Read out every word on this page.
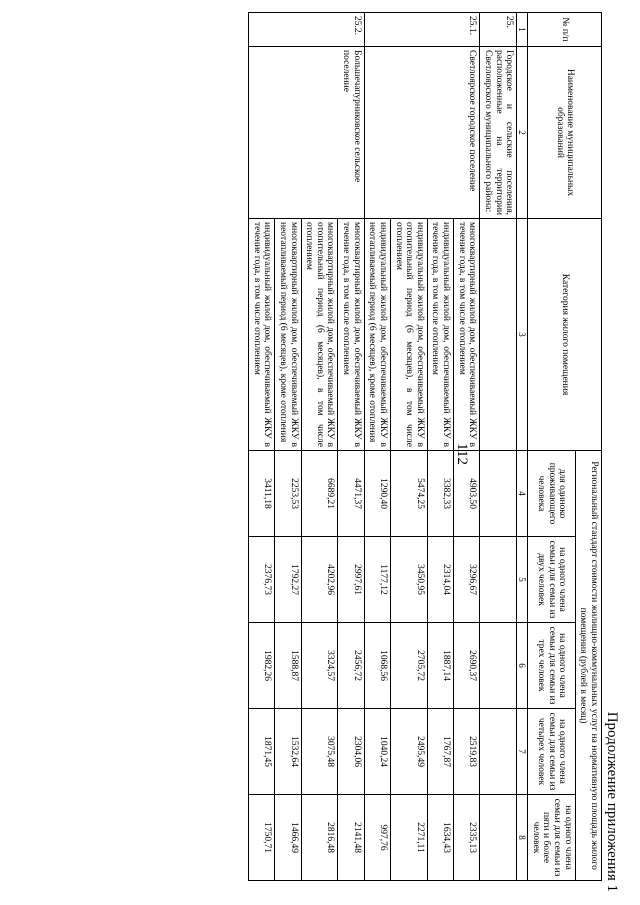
112
Продолжение приложения 1
№ п/п	Наименование муниципальных образований	Категория жилого помещения	Региональный стандарт стоимости жилищно-коммунальных услуг на нормативную площадь жилого помещения (рублей в месяц)				
			для одиноко проживающего человека	на одного члена семьи для семьи из двух человек	на одного члена семьи для семьи из трех человек	на одного члена семьи для семьи из четырех человек	на одного члена семьи для семьи из пяти и более человек
1	2	3	4	5	6	7	8
25.	Городское и сельские поселения, расположенные на территории Светлоярского муниципального района:						
25.1.	Светлоярское городское поселение	многоквартирный жилой дом, обеспечиваемый ЖКУ в течение года, в том числе отоплением	4903,50	3296,67	2690,37	2519,83	2335,13
		индивидуальный жилой дом, обеспечиваемый ЖКУ в течение года, в том числе отоплением	3382,33	2314,04	1887,14	1767,87	1634,43
		индивидуальный жилой дом, обеспечиваемый ЖКУ в отопительный период (6 месяцев), в том числе отоплением	5474,25	3450,95	2705,72	2495,49	2271,11
		индивидуальный жилой дом, обеспечиваемый ЖКУ в неотапливаемый период (6 месяцев), кроме отопления	1290,40	1177,12	1068,56	1040,24	997,76
25.2.	Большечапурниковское сельское поселение	многоквартирный жилой дом, обеспечиваемый ЖКУ в течение года, в том числе отоплением	4471,37	2997,61	2456,72	2304,06	2141,48
		многоквартирный жилой дом, обеспечиваемый ЖКУ в отопительный период (6 месяцев), в том числе отоплением	6689,21	4202,96	3324,57	3075,48	2816,48
		многоквартирный жилой дом, обеспечиваемый ЖКУ в неотапливаемый период (6 месяцев), кроме отопления	2253,53	1792,27	1588,87	1532,64	1466,49
		индивидуальный жилой дом, обеспечиваемый ЖКУ в течение года, в том числе отоплением	3411,18	2376,73	1982,26	1871,45	1750,71
